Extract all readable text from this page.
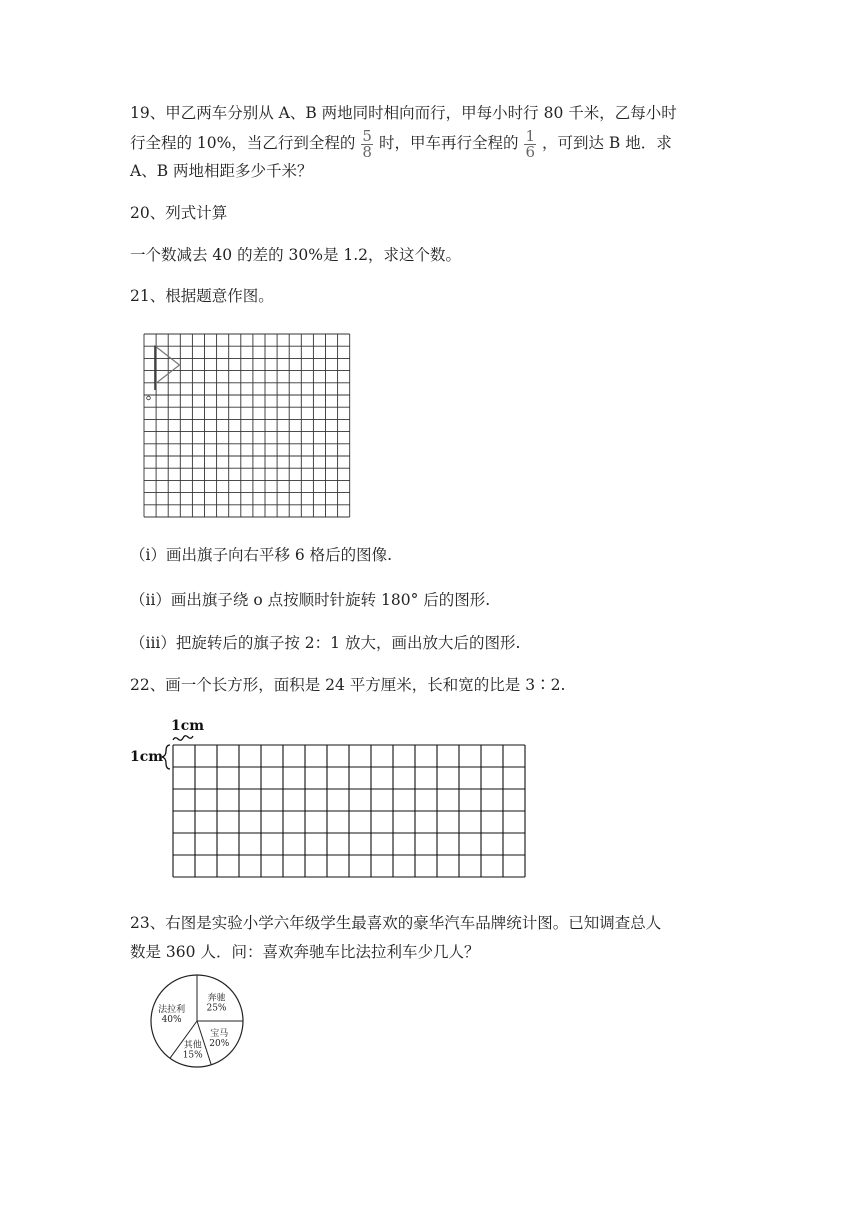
19、甲乙两车分别从 A、B 两地同时相向而行，甲每小时行 80 千米，乙每小时

行全程的 10%，当乙行到全程的 $\frac{5}{8}$ 时，甲车再行全程的 $\frac{1}{6}$ ，可到达 B 地．求

A、B 两地相距多少千米？

20、列式计算

一个数减去 40 的差的 30%是 1.2，求这个数。

21、根据题意作图。

（i）画出旗子向右平移 6 格后的图像.

（ii）画出旗子绕 o 点按顺时针旋转 180° 后的图形.

（iii）把旋转后的旗子按 2：1 放大，画出放大后的图形.

22、画一个长方形，面积是 24 平方厘米，长和宽的比是 3∶2.

1cm
1cm

23、右图是实验小学六年级学生最喜欢的豪华汽车品牌统计图。已知调查总人

数是 360 人．问：喜欢奔驰车比法拉利车少几人？

奔驰
25%
宝马
20%
其他
15%
法拉利
40%
